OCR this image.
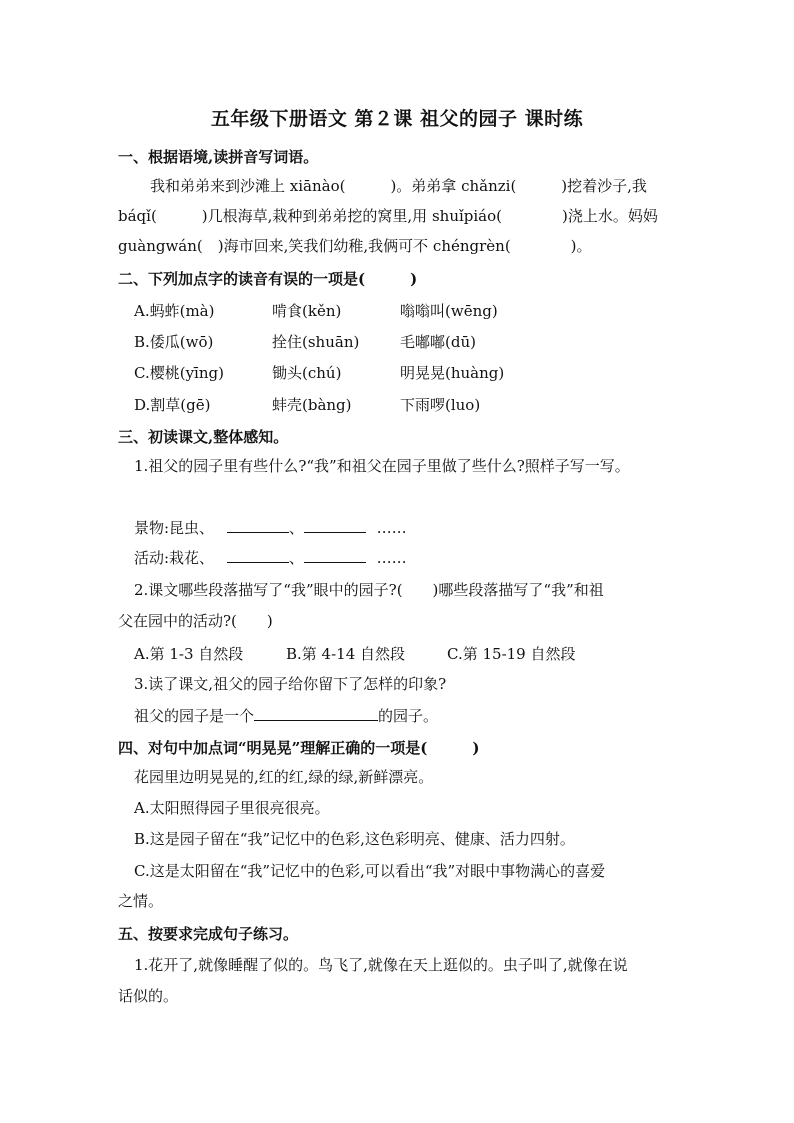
五年级下册语文 第２课 祖父的园子 课时练
一、根据语境,读拼音写词语。
我和弟弟来到沙滩上 xiānào(　　　)。弟弟拿 chǎnzi(　　　)挖着沙子,我
báqǐ(　　　)几根海草,栽种到弟弟挖的窝里,用 shuǐpiáo(　　　　)浇上水。妈妈
guàngwán(　)海市回来,笑我们幼稚,我俩可不 chéngrèn(　　　　)。
二、下列加点字的读音有误的一项是(　　　)
A.蚂蚱(mà)	啃食(kěn)	嗡嗡叫(wēng)
B.倭瓜(wō)	拴住(shuān)	毛嘟嘟(dū)
C.樱桃(yīng)	锄头(chú)	明晃晃(huàng)
D.割草(gē)	蚌壳(bàng)	下雨啰(luo)
三、初读课文,整体感知。
1.祖父的园子里有些什么?“我”和祖父在园子里做了些什么?照样子写一写。
景物:昆虫、	、	……
活动:栽花、	、	……
2.课文哪些段落描写了“我”眼中的园子?(　　)哪些段落描写了“我”和祖
父在园中的活动?(　　)
A.第 1-3 自然段	B.第 4-14 自然段	C.第 15-19 自然段
3.读了课文,祖父的园子给你留下了怎样的印象?
祖父的园子是一个	的园子。
四、对句中加点词“明晃晃”理解正确的一项是(　　　)
花园里边明晃晃的,红的红,绿的绿,新鲜漂亮。
A.太阳照得园子里很亮很亮。
B.这是园子留在“我”记忆中的色彩,这色彩明亮、健康、活力四射。
C.这是太阳留在“我”记忆中的色彩,可以看出“我”对眼中事物满心的喜爱
之情。
五、按要求完成句子练习。
1.花开了,就像睡醒了似的。鸟飞了,就像在天上逛似的。虫子叫了,就像在说
话似的。
